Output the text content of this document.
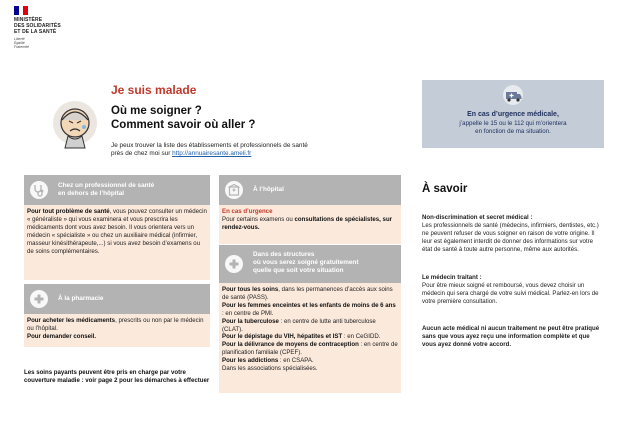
MINISTÈRE
DES SOLIDARITÉS
ET DE LA SANTÉ
Liberté
Égalité
Fraternité
Je suis malade
Où me soigner ?
Comment savoir où aller ?
Je peux trouver la liste des établissements et professionnels de santé
près de chez moi sur http://annuairesante.ameli.fr
En cas d’urgence médicale,
j’appelle le 15 ou le 112 qui m’orientera
en fonction de ma situation.
Chez un professionnel de santé
en dehors de l’hôpital
Pour tout problème de santé, vous pouvez consulter un médecin « généraliste » qui vous examinera et vous prescrira les médicaments dont vous avez besoin. Il vous orientera vers un médecin « spécialiste » ou chez un auxiliaire médical (infirmier, masseur kinésithérapeute,...) si vous avez besoin d’examens ou de soins complémentaires.
À la pharmacie
Pour acheter les médicaments, prescrits ou non par le médecin ou l’hôpital.
Pour demander conseil.
Les soins payants peuvent être pris en charge par votre couverture maladie : voir page 2 pour les démarches à effectuer
À l’hôpital
En cas d’urgence
Pour certains examens ou consultations de spécialistes, sur rendez-vous.
Dans des structures
où vous serez soigné gratuitement
quelle que soit votre situation
Pour tous les soins, dans les permanences d’accès aux soins de santé (PASS).
Pour les femmes enceintes et les enfants de moins de 6 ans : en centre de PMI.
Pour la tuberculose : en centre de lutte anti tuberculose (CLAT).
Pour le dépistage du VIH, hépatites et IST : en CeGIDD.
Pour la délivrance de moyens de contraception : en centre de planification familiale (CPEF).
Pour les addictions : en CSAPA.
Dans les associations spécialisées.
À savoir
Non-discrimination et secret médical :
Les professionnels de santé (médecins, infirmiers, dentistes, etc.) ne peuvent refuser de vous soigner en raison de votre origine. Il leur est également interdit de donner des informations sur votre état de santé à toute autre personne, même aux autorités.
Le médecin traitant :
Pour être mieux soigné et remboursé, vous devez choisir un médecin qui sera chargé de votre suivi médical. Parlez-en lors de votre première consultation.
Aucun acte médical ni aucun traitement ne peut être pratiqué sans que vous ayez reçu une information complète et que vous ayez donné votre accord.
